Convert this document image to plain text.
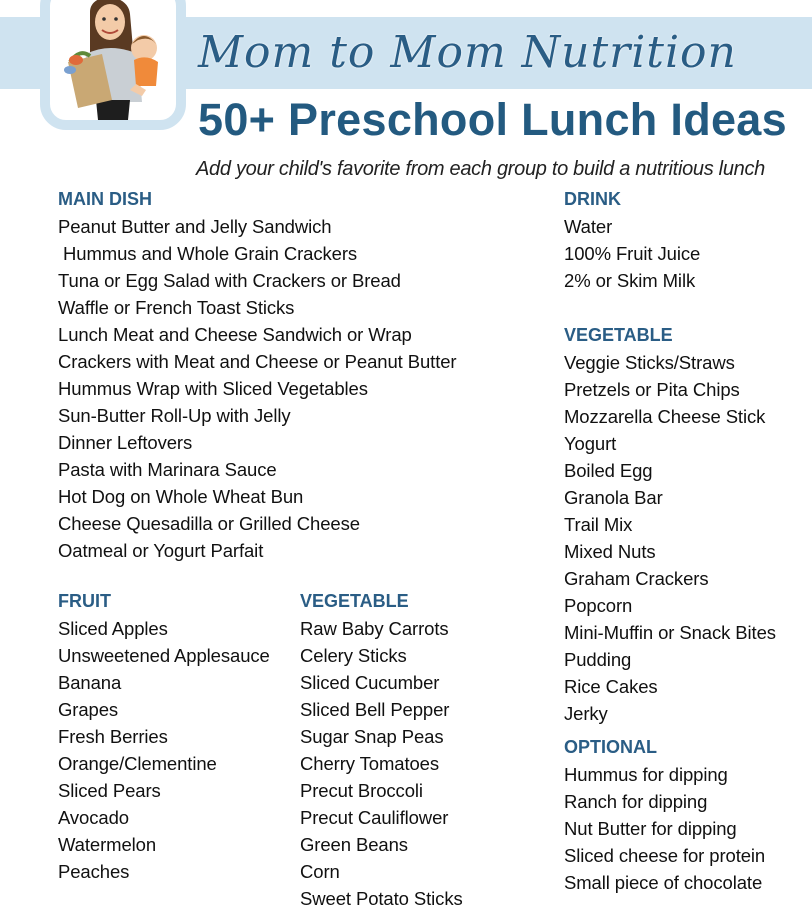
Mom to Mom Nutrition
50+ Preschool Lunch Ideas
Add your child's favorite from each group to build a nutritious lunch
MAIN DISH
Peanut Butter and Jelly Sandwich
Hummus and Whole Grain Crackers
Tuna or Egg Salad with Crackers or Bread
Waffle or French Toast Sticks
Lunch Meat and Cheese Sandwich or Wrap
Crackers with Meat and Cheese or Peanut Butter
Hummus Wrap with Sliced Vegetables
Sun-Butter Roll-Up with Jelly
Dinner Leftovers
Pasta with Marinara Sauce
Hot Dog on Whole Wheat Bun
Cheese Quesadilla or Grilled Cheese
Oatmeal or Yogurt Parfait
FRUIT
Sliced Apples
Unsweetened Applesauce
Banana
Grapes
Fresh Berries
Orange/Clementine
Sliced Pears
Avocado
Watermelon
Peaches
VEGETABLE
Raw Baby Carrots
Celery Sticks
Sliced Cucumber
Sliced Bell Pepper
Sugar Snap Peas
Cherry Tomatoes
Precut Broccoli
Precut Cauliflower
Green Beans
Corn
Sweet Potato Sticks
DRINK
Water
100% Fruit Juice
2% or Skim Milk
VEGETABLE
Veggie Sticks/Straws
Pretzels or Pita Chips
Mozzarella Cheese Stick
Yogurt
Boiled Egg
Granola Bar
Trail Mix
Mixed Nuts
Graham Crackers
Popcorn
Mini-Muffin or Snack Bites
Pudding
Rice Cakes
Jerky
OPTIONAL
Hummus for dipping
Ranch for dipping
Nut Butter for dipping
Sliced cheese for protein
Small piece of chocolate
